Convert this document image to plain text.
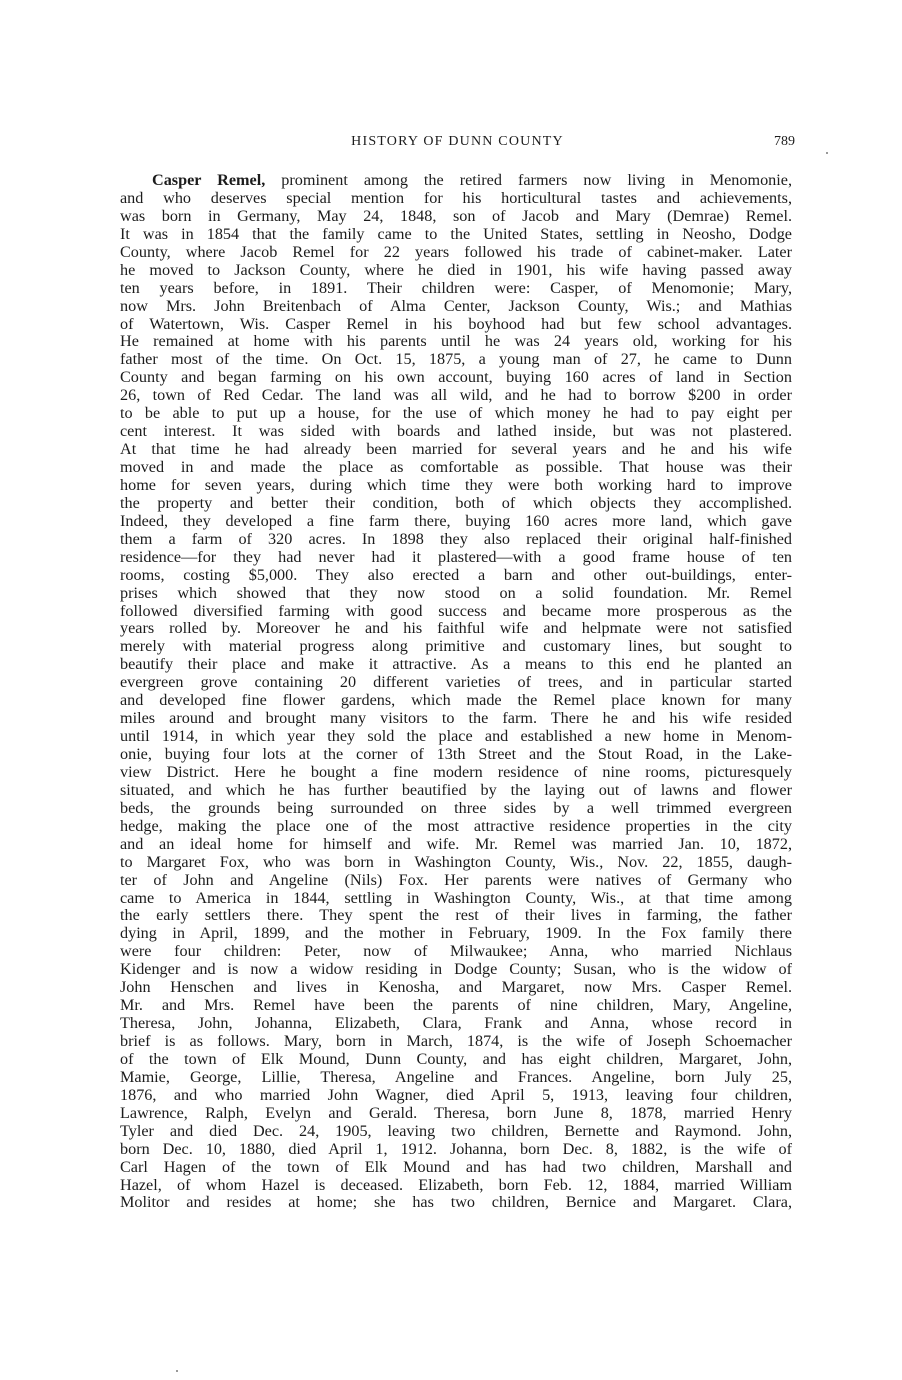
HISTORY OF DUNN COUNTY	789
Casper Remel, prominent among the retired farmers now living in Menomonie,
and who deserves special mention for his horticultural tastes and achievements,
was born in Germany, May 24, 1848, son of Jacob and Mary (Demrae) Remel.
It was in 1854 that the family came to the United States, settling in Neosho, Dodge
County, where Jacob Remel for 22 years followed his trade of cabinet-maker. Later
he moved to Jackson County, where he died in 1901, his wife having passed away
ten years before, in 1891. Their children were: Casper, of Menomonie; Mary,
now Mrs. John Breitenbach of Alma Center, Jackson County, Wis.; and Mathias
of Watertown, Wis. Casper Remel in his boyhood had but few school advantages.
He remained at home with his parents until he was 24 years old, working for his
father most of the time. On Oct. 15, 1875, a young man of 27, he came to Dunn
County and began farming on his own account, buying 160 acres of land in Section
26, town of Red Cedar. The land was all wild, and he had to borrow $200 in order
to be able to put up a house, for the use of which money he had to pay eight per
cent interest. It was sided with boards and lathed inside, but was not plastered.
At that time he had already been married for several years and he and his wife
moved in and made the place as comfortable as possible. That house was their
home for seven years, during which time they were both working hard to improve
the property and better their condition, both of which objects they accomplished.
Indeed, they developed a fine farm there, buying 160 acres more land, which gave
them a farm of 320 acres. In 1898 they also replaced their original half-finished
residence—for they had never had it plastered—with a good frame house of ten
rooms, costing $5,000. They also erected a barn and other out-buildings, enter-
prises which showed that they now stood on a solid foundation. Mr. Remel
followed diversified farming with good success and became more prosperous as the
years rolled by. Moreover he and his faithful wife and helpmate were not satisfied
merely with material progress along primitive and customary lines, but sought to
beautify their place and make it attractive. As a means to this end he planted an
evergreen grove containing 20 different varieties of trees, and in particular started
and developed fine flower gardens, which made the Remel place known for many
miles around and brought many visitors to the farm. There he and his wife resided
until 1914, in which year they sold the place and established a new home in Menom-
onie, buying four lots at the corner of 13th Street and the Stout Road, in the Lake-
view District. Here he bought a fine modern residence of nine rooms, picturesquely
situated, and which he has further beautified by the laying out of lawns and flower
beds, the grounds being surrounded on three sides by a well trimmed evergreen
hedge, making the place one of the most attractive residence properties in the city
and an ideal home for himself and wife. Mr. Remel was married Jan. 10, 1872,
to Margaret Fox, who was born in Washington County, Wis., Nov. 22, 1855, daugh-
ter of John and Angeline (Nils) Fox. Her parents were natives of Germany who
came to America in 1844, settling in Washington County, Wis., at that time among
the early settlers there. They spent the rest of their lives in farming, the father
dying in April, 1899, and the mother in February, 1909. In the Fox family there
were four children: Peter, now of Milwaukee; Anna, who married Nichlaus
Kidenger and is now a widow residing in Dodge County; Susan, who is the widow of
John Henschen and lives in Kenosha, and Margaret, now Mrs. Casper Remel.
Mr. and Mrs. Remel have been the parents of nine children, Mary, Angeline,
Theresa, John, Johanna, Elizabeth, Clara, Frank and Anna, whose record in
brief is as follows. Mary, born in March, 1874, is the wife of Joseph Schoemacher
of the town of Elk Mound, Dunn County, and has eight children, Margaret, John,
Mamie, George, Lillie, Theresa, Angeline and Frances. Angeline, born July 25,
1876, and who married John Wagner, died April 5, 1913, leaving four children,
Lawrence, Ralph, Evelyn and Gerald. Theresa, born June 8, 1878, married Henry
Tyler and died Dec. 24, 1905, leaving two children, Bernette and Raymond. John,
born Dec. 10, 1880, died April 1, 1912. Johanna, born Dec. 8, 1882, is the wife of
Carl Hagen of the town of Elk Mound and has had two children, Marshall and
Hazel, of whom Hazel is deceased. Elizabeth, born Feb. 12, 1884, married William
Molitor and resides at home; she has two children, Bernice and Margaret. Clara,
